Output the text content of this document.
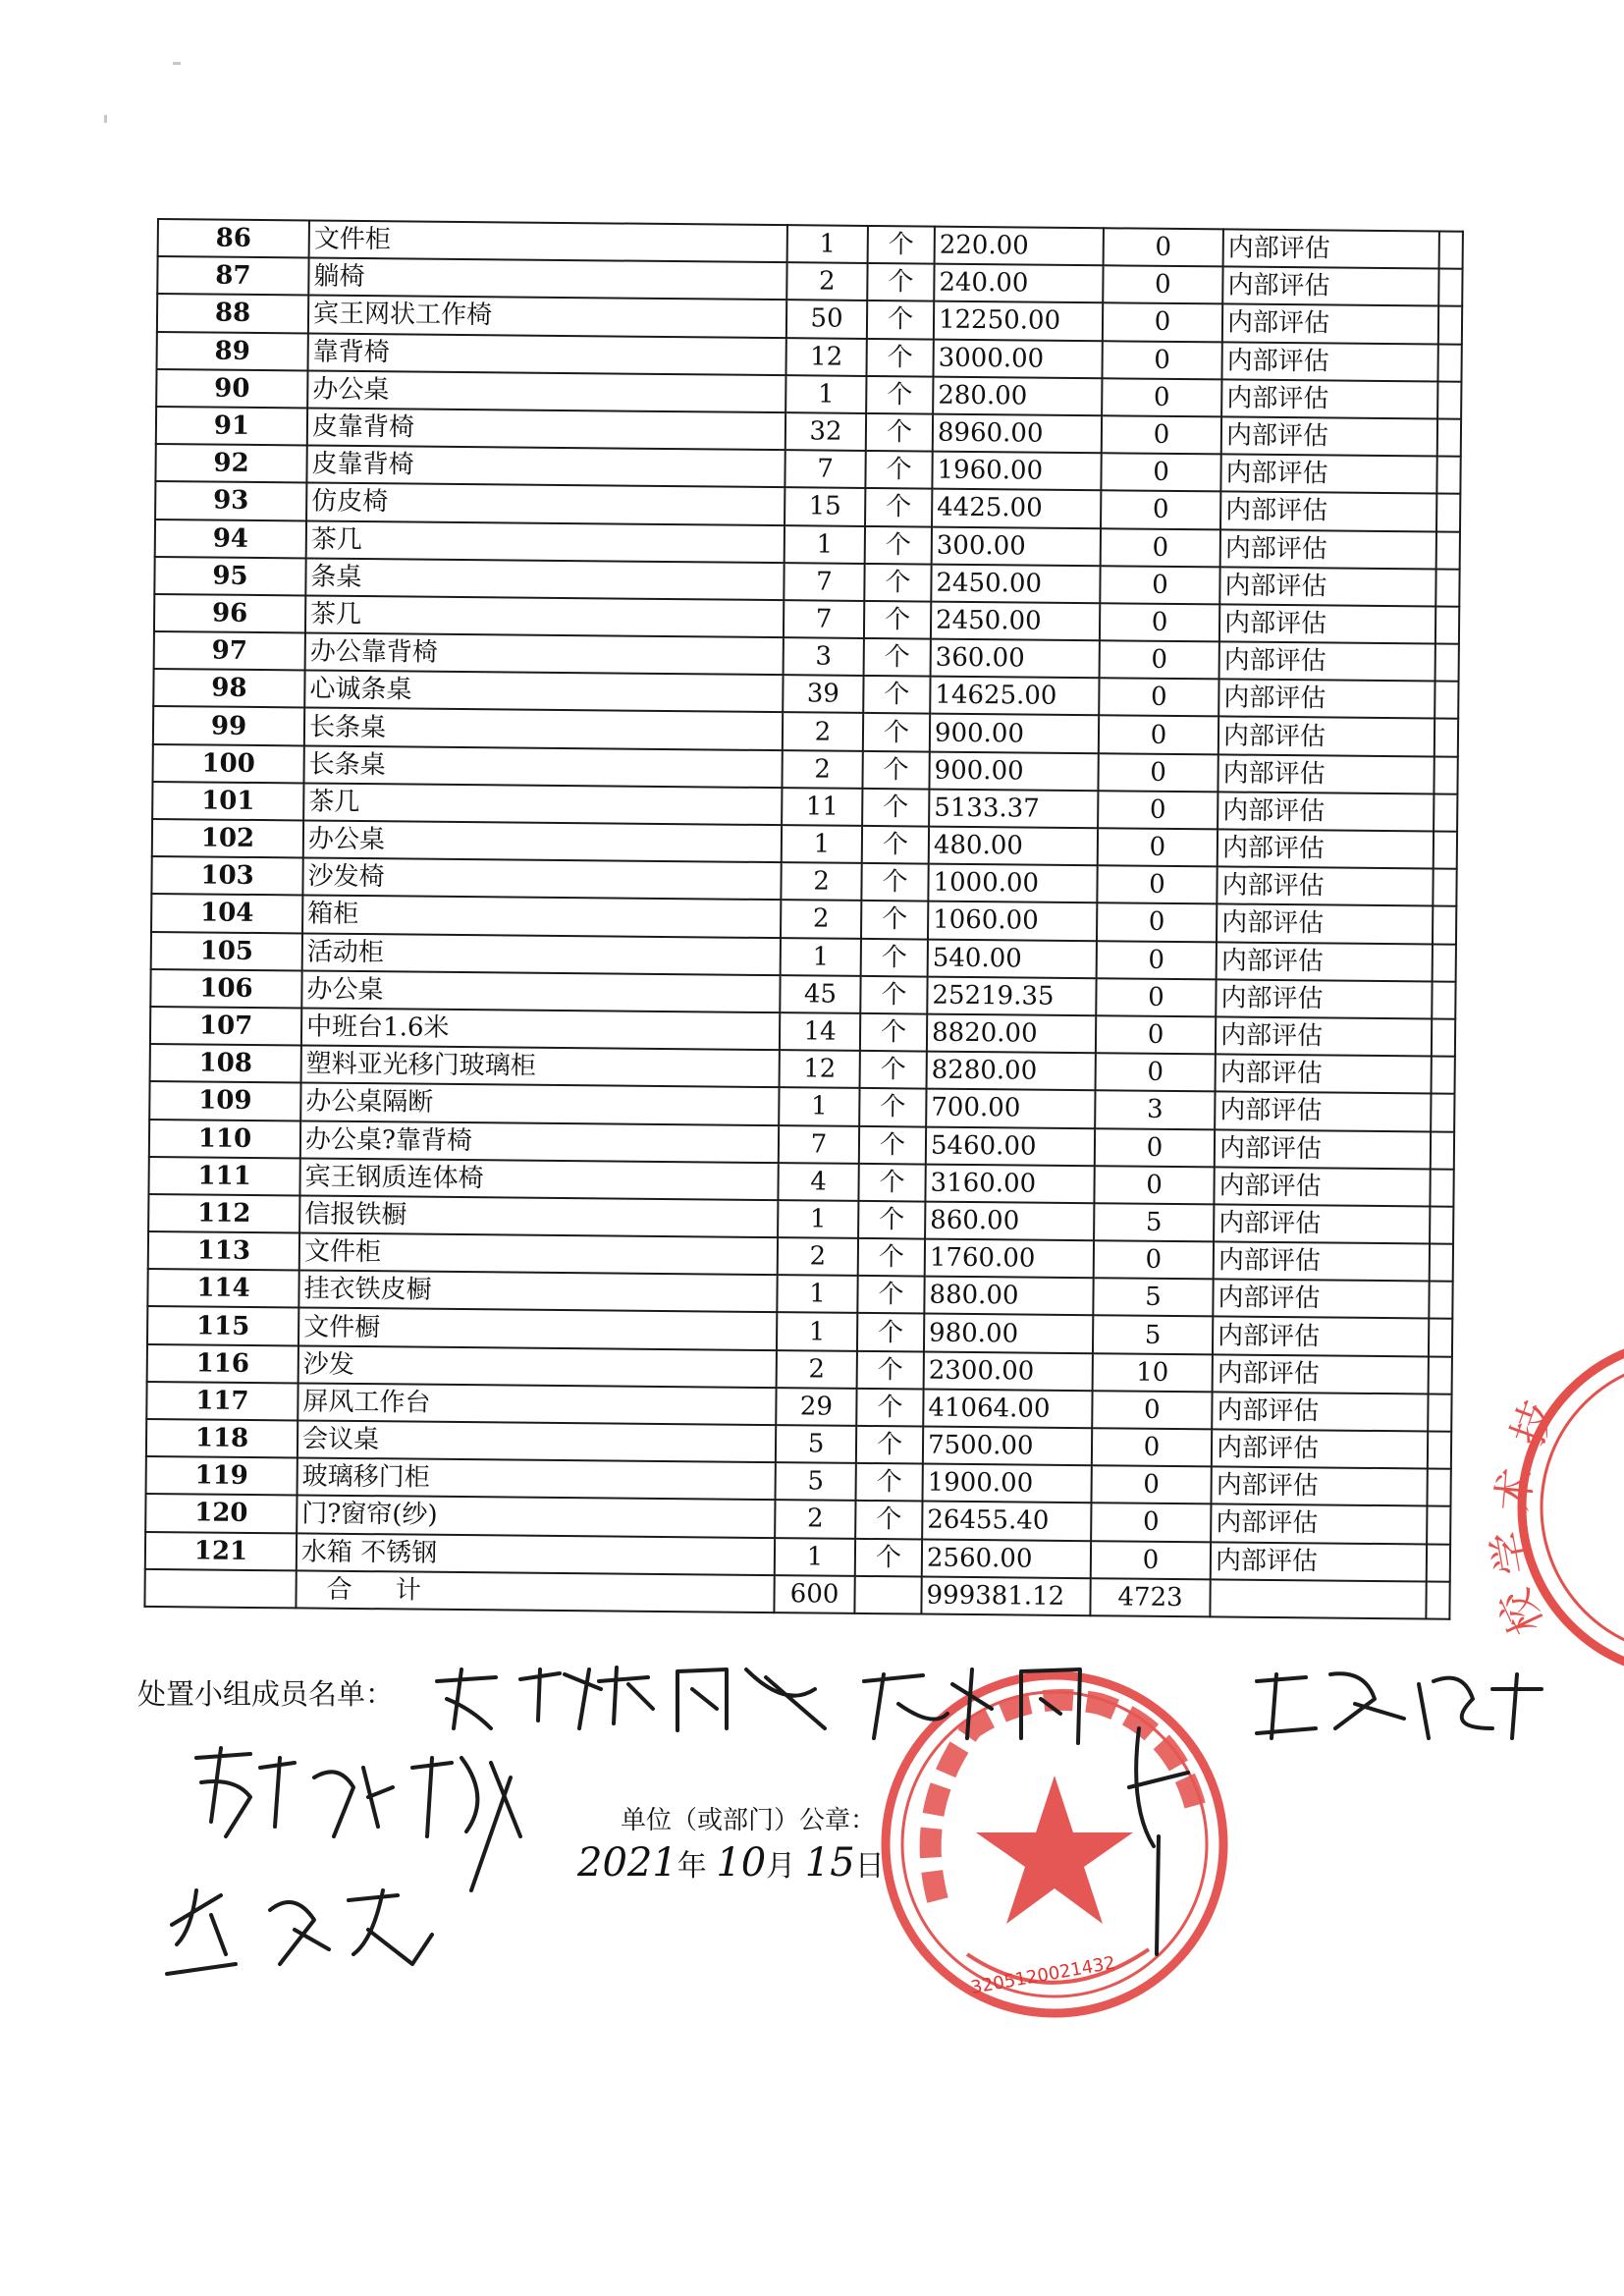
86	文件柜	1	个	220.00	0	内部评估	
87	躺椅	2	个	240.00	0	内部评估	
88	宾王网状工作椅	50	个	12250.00	0	内部评估	
89	靠背椅	12	个	3000.00	0	内部评估	
90	办公桌	1	个	280.00	0	内部评估	
91	皮靠背椅	32	个	8960.00	0	内部评估	
92	皮靠背椅	7	个	1960.00	0	内部评估	
93	仿皮椅	15	个	4425.00	0	内部评估	
94	茶几	1	个	300.00	0	内部评估	
95	条桌	7	个	2450.00	0	内部评估	
96	茶几	7	个	2450.00	0	内部评估	
97	办公靠背椅	3	个	360.00	0	内部评估	
98	心诚条桌	39	个	14625.00	0	内部评估	
99	长条桌	2	个	900.00	0	内部评估	
100	长条桌	2	个	900.00	0	内部评估	
101	茶几	11	个	5133.37	0	内部评估	
102	办公桌	1	个	480.00	0	内部评估	
103	沙发椅	2	个	1000.00	0	内部评估	
104	箱柜	2	个	1060.00	0	内部评估	
105	活动柜	1	个	540.00	0	内部评估	
106	办公桌	45	个	25219.35	0	内部评估	
107	中班台1.6米	14	个	8820.00	0	内部评估	
108	塑料亚光移门玻璃柜	12	个	8280.00	0	内部评估	
109	办公桌隔断	1	个	700.00	3	内部评估	
110	办公桌?靠背椅	7	个	5460.00	0	内部评估	
111	宾王钢质连体椅	4	个	3160.00	0	内部评估	
112	信报铁橱	1	个	860.00	5	内部评估	
113	文件柜	2	个	1760.00	0	内部评估	
114	挂衣铁皮橱	1	个	880.00	5	内部评估	
115	文件橱	1	个	980.00	5	内部评估	
116	沙发	2	个	2300.00	10	内部评估	
117	屏风工作台	29	个	41064.00	0	内部评估	
118	会议桌	5	个	7500.00	0	内部评估	
119	玻璃移门柜	5	个	1900.00	0	内部评估	
120	门?窗帘(纱)	2	个	26455.40	0	内部评估	
121	水箱 不锈钢	1	个	2560.00	0	内部评估	
	合 计	600		999381.12	4723		
处置小组成员名单：
单位（或部门）公章：
2021年 10月 15日
技
术
学
校
3205120021432
